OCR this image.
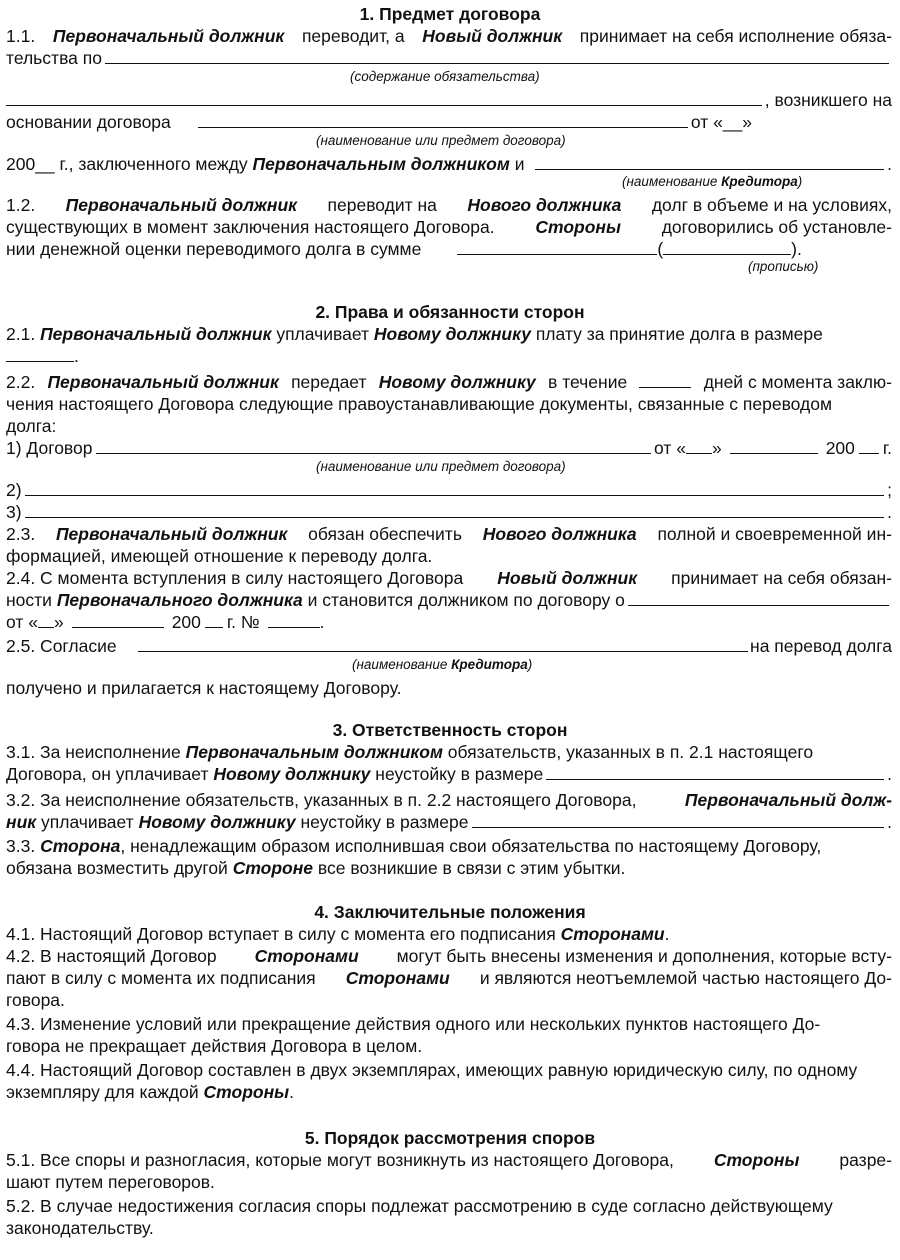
1. Предмет договора
1.1. Первоначальный должник переводит, а Новый должник принимает на себя исполнение обяза-
тельства по
(содержание обязательства)
, возникшего на
основании договора	от «__»
(наименование или предмет договора)
200__ г., заключенного между
Первоначальным должником
и	.
(наименование Кредитора)
1.2. Первоначальный должник переводит на Нового должника долг в объеме и на условиях,
существующих в момент заключения настоящего Договора. Стороны договорились об установле-
нии денежной оценки переводимого долга в сумме	(	).
(прописью)
2. Права и обязанности сторон
2.1.
Первоначальный должник
уплачивает
Новому должнику
плату за принятие долга в размере
.
2.2. Первоначальный должник передает Новому должнику в течение	дней с момента заклю-
чения настоящего Договора следующие правоустанавливающие документы, связанные с переводом
долга:
1) Договор	от « »	200 г.
(наименование или предмет договора)
2)	;
3)	.
2.3. Первоначальный должник обязан обеспечить Нового должника полной и своевременной ин-
формацией, имеющей отношение к переводу долга.
2.4. С момента вступления в силу настоящего Договора Новый должник принимает на себя обязан-
ности
Первоначального должника
и становится должником по договору о
от « »	200 г. №	.
2.5. Согласие	на перевод долга
(наименование Кредитора)
получено и прилагается к настоящему Договору.
3. Ответственность сторон
3.1. За неисполнение
Первоначальным должником
обязательств, указанных в п. 2.1 настоящего
Договора, он уплачивает
Новому должнику
неустойку в размере	.
3.2. За неисполнение обязательств, указанных в п. 2.2 настоящего Договора,	Первоначальный долж-
ник
уплачивает
Новому должнику
неустойку в размере	.
3.3.
Сторона , ненадлежащим образом исполнившая свои обязательства по настоящему Договору,
обязана возместить другой
Стороне
все возникшие в связи с этим убытки.
4. Заключительные положения
4.1. Настоящий Договор вступает в силу с момента его подписания
Сторонами .
4.2. В настоящий Договор Сторонами могут быть внесены изменения и дополнения, которые всту-
пают в силу с момента их подписания Сторонами и являются неотъемлемой частью настоящего До-
говора.
4.3. Изменение условий или прекращение действия одного или нескольких пунктов настоящего До-
говора не прекращает действия Договора в целом.
4.4. Настоящий Договор составлен в двух экземплярах, имеющих равную юридическую силу, по одному
экземпляру для каждой
Стороны .
5. Порядок рассмотрения споров
5.1. Все споры и разногласия, которые могут возникнуть из настоящего Договора, Стороны разре-
шают путем переговоров.
5.2. В случае недостижения согласия споры подлежат рассмотрению в суде согласно действующему
законодательству.
